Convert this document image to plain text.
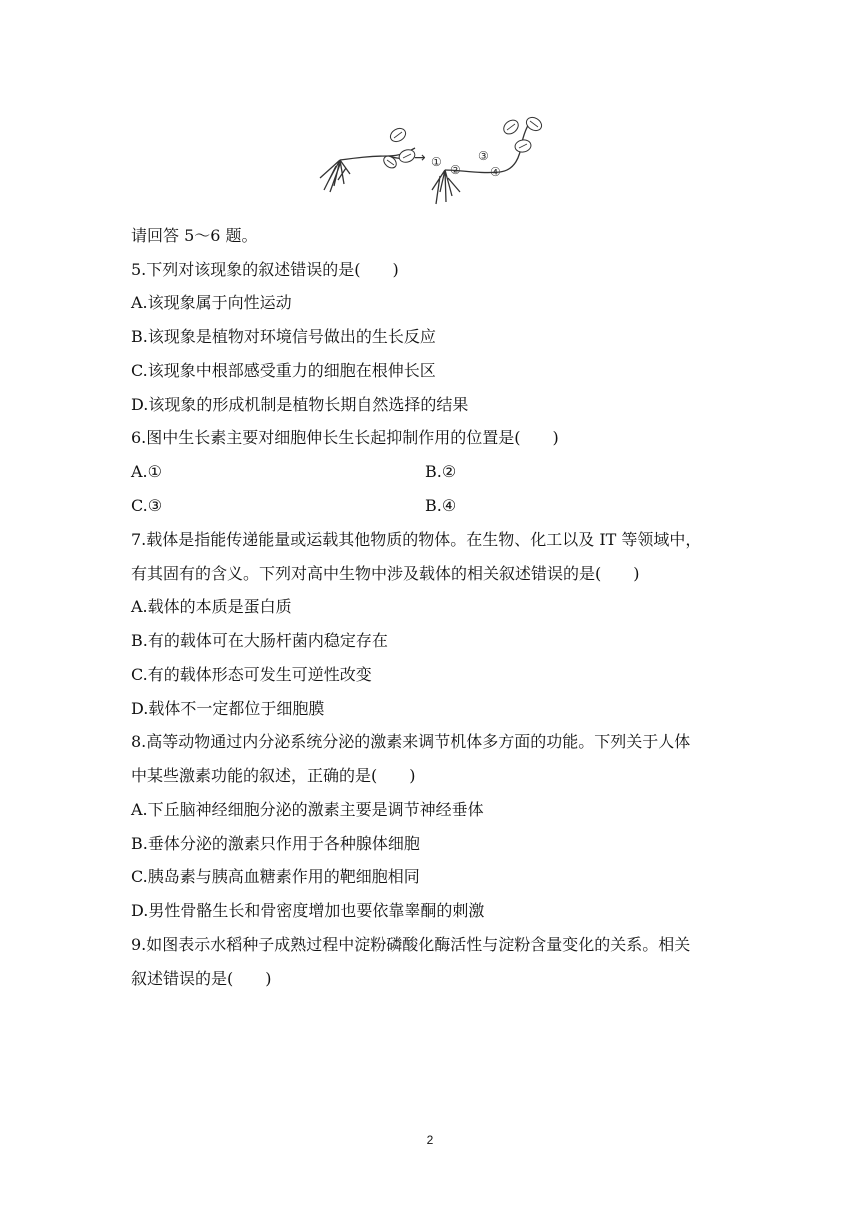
→ ①
②
③
④
请回答 5～6 题。
5.下列对该现象的叙述错误的是(　　)
A.该现象属于向性运动
B.该现象是植物对环境信号做出的生长反应
C.该现象中根部感受重力的细胞在根伸长区
D.该现象的形成机制是植物长期自然选择的结果
6.图中生长素主要对细胞伸长生长起抑制作用的位置是(　　)
A.①	B.②
C.③	B.④
7.载体是指能传递能量或运载其他物质的物体。在生物、化工以及 IT 等领域中，
有其固有的含义。下列对高中生物中涉及载体的相关叙述错误的是(　　)
A.载体的本质是蛋白质
B.有的载体可在大肠杆菌内稳定存在
C.有的载体形态可发生可逆性改变
D.载体不一定都位于细胞膜
8.高等动物通过内分泌系统分泌的激素来调节机体多方面的功能。下列关于人体
中某些激素功能的叙述，正确的是(　　)
A.下丘脑神经细胞分泌的激素主要是调节神经垂体
B.垂体分泌的激素只作用于各种腺体细胞
C.胰岛素与胰高血糖素作用的靶细胞相同
D.男性骨骼生长和骨密度增加也要依靠睾酮的刺激
9.如图表示水稻种子成熟过程中淀粉磷酸化酶活性与淀粉含量变化的关系。相关
叙述错误的是(　　)
2
